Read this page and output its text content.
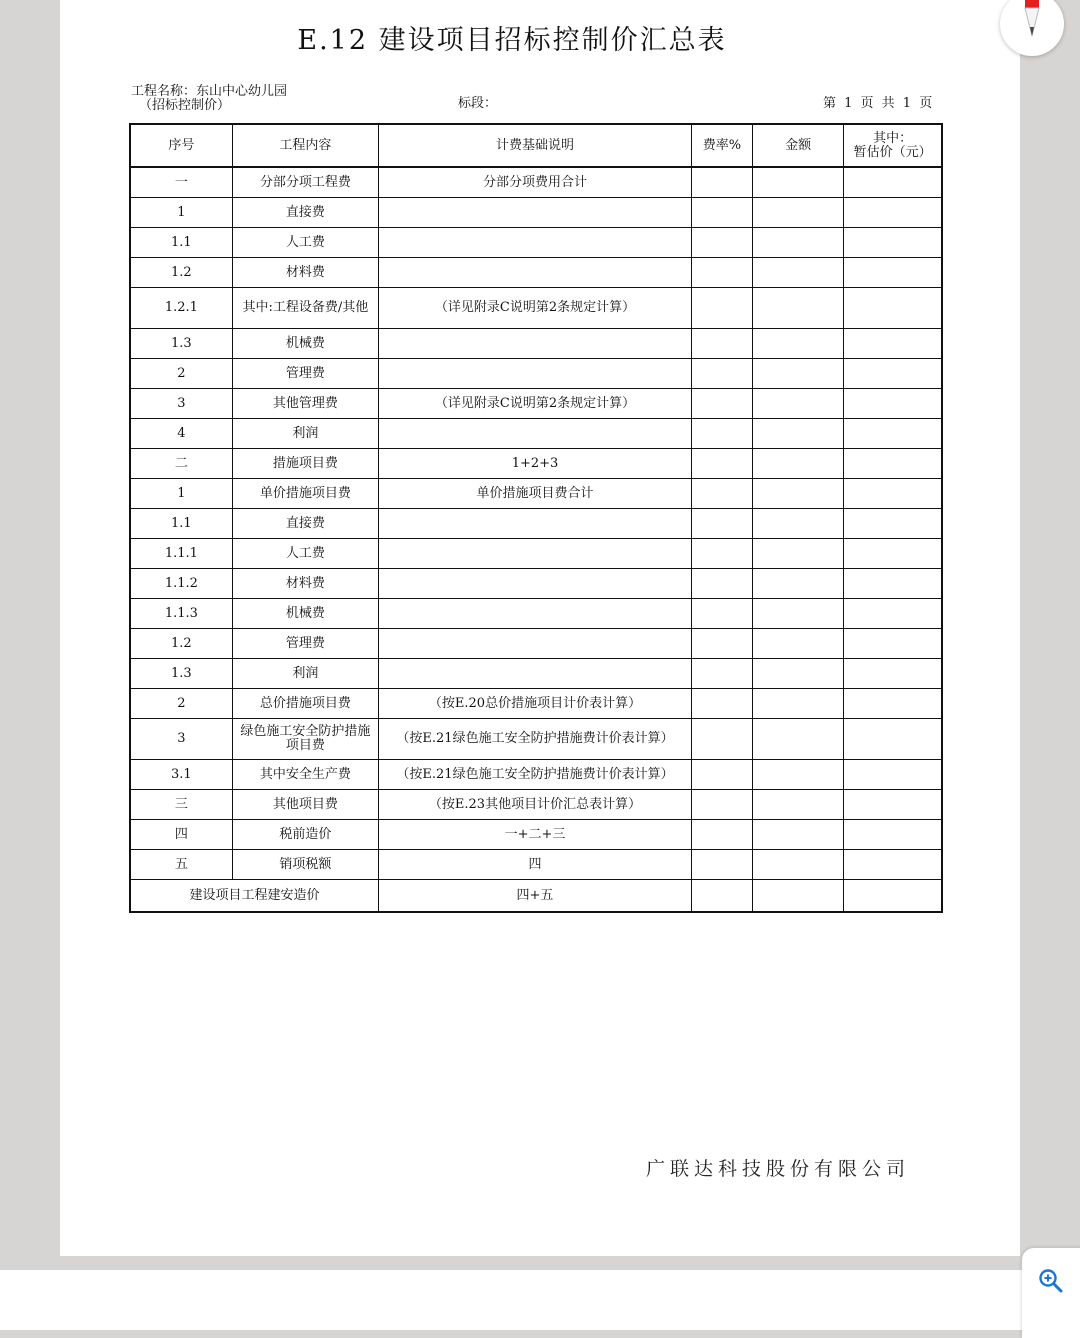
E.12 建设项目招标控制价汇总表
工程名称：东山中心幼儿园
（招标控制价）	标段：	第 1 页 共 1 页
序号	工程内容	计费基础说明	费率%	金额	其中：
暂估价（元）

一	分部分项工程费	分部分项费用合计			
1	直接费				
1.1	人工费				
1.2	材料费				
1.2.1	其中:工程设备费/其他	（详见附录C说明第2条规定计算）			
1.3	机械费				
2	管理费				
3	其他管理费	（详见附录C说明第2条规定计算）			
4	利润				
二	措施项目费	1+2+3			
1	单价措施项目费	单价措施项目费合计			
1.1	直接费				
1.1.1	人工费				
1.1.2	材料费				
1.1.3	机械费				
1.2	管理费				
1.3	利润				
2	总价措施项目费	（按E.20总价措施项目计价表计算）			
3	绿色施工安全防护措施项目费	（按E.21绿色施工安全防护措施费计价表计算）			
3.1	其中安全生产费	（按E.21绿色施工安全防护措施费计价表计算）			
三	其他项目费	（按E.23其他项目计价汇总表计算）			
四	税前造价	一+二+三			
五	销项税额	四			
建设项目工程建安造价		四+五			
广联达科技股份有限公司
